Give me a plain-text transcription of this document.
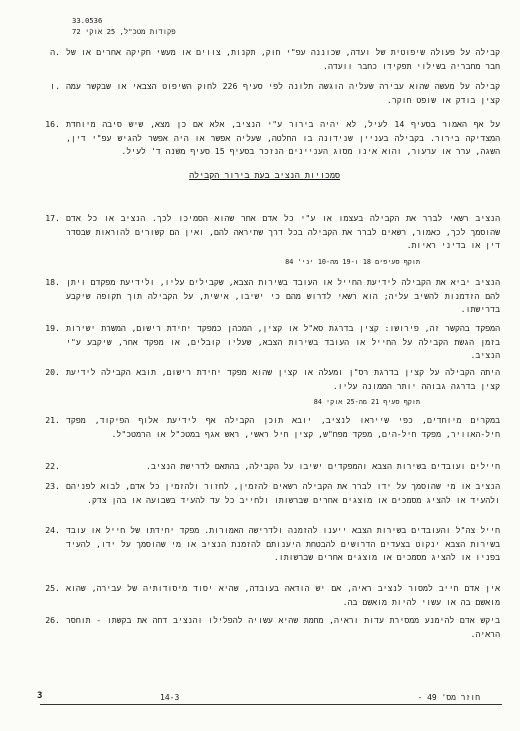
33.0536
פקודות מטכ"ל, 25 אוקי 72
ה. קבילה על פעולה שיפוטית של ועדה, שכוננה עפ"י חוק, תקנות, צווים או מעשי חקיקה אחרים או של חבר מחבריה בשילוי תפקידו כחבר וועדה.
ו. קבילה על מעשה שהוא עבירה שעליה הוגשה תלונה לפי סעיף 226 לחוק השיפוט הצבאי או שבקשר עמה קצין בודק או שופט חוקר.
16. על אף האמור בסעיף 14 לעיל, לא יהיה בירור ע"י הנציב, אלא אם כן מצא, שיש סיבה מיוחדת המצדיקה בירור. בקבילה בעניין שנידונה בו החלטה, שעליה אפשר או היה אפשר להגיש עפ"י דין, השגה, ערר או ערעור, והוא אינו מסוג העניינים הנזכר בסעיף 15 סעיף משנה ד' לעיל.
סמכויות הנציב בעת בירור הקבילה
17. הנציב רשאי לברר את הקבילה בעצמו או ע"י כל אדם אחר שהוא הסמיכו לכך. הנציב או כל אדם שהוסמך לכך, כאמור, רשאים לברר את הקבילה בכל דרך שתיראה להם, ואין הם קשורים להוראות שבסדר דין או בדיני ראיות.
תוקף סעיפים 18 ו-19 מה-10 יני' 84
18. הנציב יביא את הקבילה לידיעת החייל או העובד בשירות הצבא, שקבילים עליו, ולידיעת מפקדם ויתן להם הזדמנות להשיב עליה; הוא רשאי לדרוש מהם כי ישיבו, אישית, על הקבילה תוך תקופה שיקבע בדרישתו.
19. המפקד בהקשר זה, פירושו: קצין בדרגת סא"ל או קצין, המכהן כמפקד יחידת רישום, המשרת ישירות בזמן הגשת הקבילה על החייל או העובד בשירות הצבא, שעליו קובלים, או מפקד אחר, שיקבע ע"י הנציב.
20. היתה הקבילה על קצין בדרגת רס"ן ומעלה או קצין שהוא מפקד יחידת רישום, תובא הקבילה לידיעת קצין בדרגה גבוהה יותר הממונה עליו.
תוקף סעיף 21 מה-25 אוקי 84
21. במקרים מיוחדים, כפי שייראו לנציב, יובא תוכן הקבילה אף לידיעת אלוף הפיקוד, מפקד חיל-האוויר, מפקד חיל-הים, מפקד מפח"ש, קצין חיל ראשי, ראש אגף במטכ"ל או הרמטכ"ל.
22.	חיילים ועובדים בשירות הצבא והמפקדים ישיבו על הקבילה, בהתאם לדרישת הנציב.
23. הנציב או מי שהוסמך על ידו לברר את הקבילה רשאים להזמין, לחזור ולהזמין כל אדם, לבוא לפניהם ולהעיד או להציג מסמכים או מוצגים אחרים שברשותו ולחייב כל עד להעיד בשבועה או בהן צדק.
24. חייל צה"ל והעובדים בשירות הצבא ייענו להזמנה ולדרישה האמורות. מפקד יחידתו של חייל או עובד בשירות הצבא ינקוט בצעדים הדרושים להבטחת היענותם להזמנת הנציב או מי שהוסמך על ידו, להעיד בפניו או להציג מסמכים או מוצגים אחרים שברשותו.
25. אין אדם חייב למסור לנציב ראיה, אם יש הודאה בעובדה, שהיא יסוד מיסודותיה של עבירה, שהוא מואשם בה או עשוי להיות מואשם בה.
26. ביקש אדם להימנע ממסירת עדות וראיה, מחמת שהיא עשויה להפלילו והנציב דחה את בקשתו - תוחסר הראיה.
3	14-3	חוזר מס' 49 -
